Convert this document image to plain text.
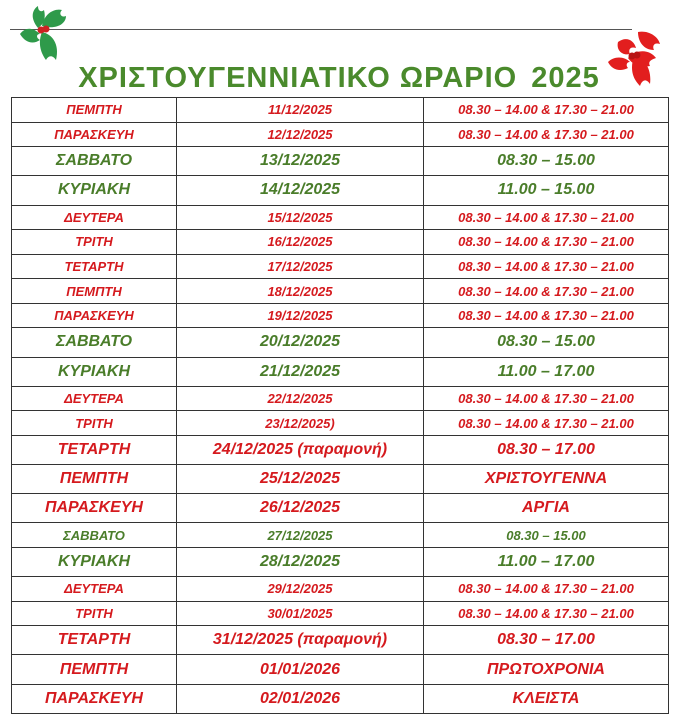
ΧΡΙΣΤΟΥΓΕΝΝΙΑΤΙΚΟ ΩΡΑΡΙΟ 2025
ΠΕΜΠΤΗ	11/12/2025	08.30 – 14.00 & 17.30 – 21.00
ΠΑΡΑΣΚΕΥΗ	12/12/2025	08.30 – 14.00 & 17.30 – 21.00
ΣΑΒΒΑΤΟ	13/12/2025	08.30 – 15.00
ΚΥΡΙΑΚΗ	14/12/2025	11.00 – 15.00
ΔΕΥΤΕΡΑ	15/12/2025	08.30 – 14.00 & 17.30 – 21.00
ΤΡΙΤΗ	16/12/2025	08.30 – 14.00 & 17.30 – 21.00
ΤΕΤΑΡΤΗ	17/12/2025	08.30 – 14.00 & 17.30 – 21.00
ΠΕΜΠΤΗ	18/12/2025	08.30 – 14.00 & 17.30 – 21.00
ΠΑΡΑΣΚΕΥΗ	19/12/2025	08.30 – 14.00 & 17.30 – 21.00
ΣΑΒΒΑΤΟ	20/12/2025	08.30 – 15.00
ΚΥΡΙΑΚΗ	21/12/2025	11.00 – 17.00
ΔΕΥΤΕΡΑ	22/12/2025	08.30 – 14.00 & 17.30 – 21.00
ΤΡΙΤΗ	23/12/2025)	08.30 – 14.00 & 17.30 – 21.00
ΤΕΤΑΡΤΗ	24/12/2025 (παραμονή)	08.30 – 17.00
ΠΕΜΠΤΗ	25/12/2025	ΧΡΙΣΤΟΥΓΕΝΝΑ
ΠΑΡΑΣΚΕΥΗ	26/12/2025	ΑΡΓΙΑ
ΣΑΒΒΑΤΟ	27/12/2025	08.30 – 15.00
ΚΥΡΙΑΚΗ	28/12/2025	11.00 – 17.00
ΔΕΥΤΕΡΑ	29/12/2025	08.30 – 14.00 & 17.30 – 21.00
ΤΡΙΤΗ	30/01/2025	08.30 – 14.00 & 17.30 – 21.00
ΤΕΤΑΡΤΗ	31/12/2025 (παραμονή)	08.30 – 17.00
ΠΕΜΠΤΗ	01/01/2026	ΠΡΩΤΟΧΡΟΝΙΑ
ΠΑΡΑΣΚΕΥΗ	02/01/2026	ΚΛΕΙΣΤΑ
